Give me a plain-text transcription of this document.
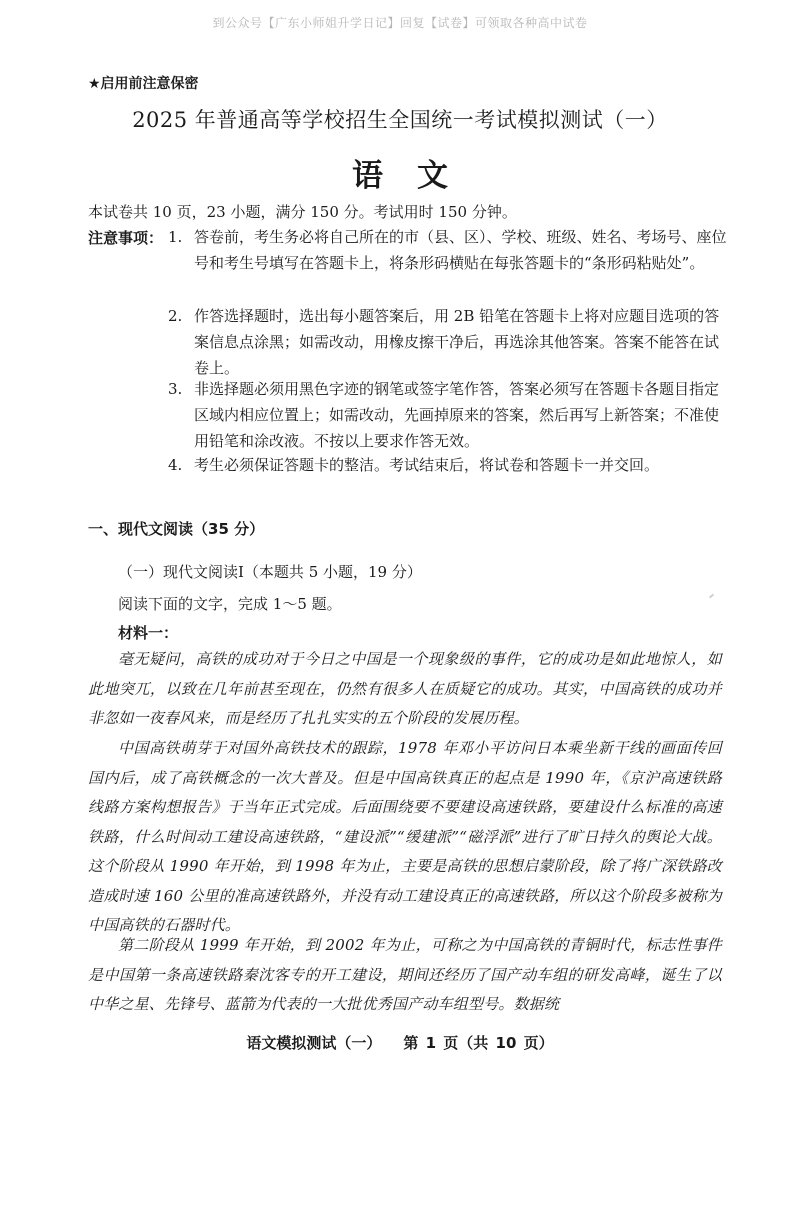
到公众号【广东小师姐升学日记】回复【试卷】可领取各种高中试卷
★启用前注意保密
2025 年普通高等学校招生全国统一考试模拟测试（一）
语文
本试卷共 10 页，23 小题，满分 150 分。考试用时 150 分钟。
注意事项： 1. 答卷前，考生务必将自己所在的市（县、区）、学校、班级、姓名、考场号、座位号和考生号填写在答题卡上，将条形码横贴在每张答题卡的“条形码粘贴处”。
2. 作答选择题时，选出每小题答案后，用 2B 铅笔在答题卡上将对应题目选项的答案信息点涂黑；如需改动，用橡皮擦干净后，再选涂其他答案。答案不能答在试卷上。
3. 非选择题必须用黑色字迹的钢笔或签字笔作答，答案必须写在答题卡各题目指定区域内相应位置上；如需改动，先画掉原来的答案，然后再写上新答案；不准使用铅笔和涂改液。不按以上要求作答无效。
4. 考生必须保证答题卡的整洁。考试结束后，将试卷和答题卡一并交回。
一、现代文阅读（35 分）
（一）现代文阅读Ⅰ（本题共 5 小题，19 分）
阅读下面的文字，完成 1～5 题。
材料一：
毫无疑问，高铁的成功对于今日之中国是一个现象级的事件，它的成功是如此地惊人，如此地突兀，以致在几年前甚至现在，仍然有很多人在质疑它的成功。其实，中国高铁的成功并非忽如一夜春风来，而是经历了扎扎实实的五个阶段的发展历程。
中国高铁萌芽于对国外高铁技术的跟踪，1978 年邓小平访问日本乘坐新干线的画面传回国内后，成了高铁概念的一次大普及。但是中国高铁真正的起点是 1990 年，《京沪高速铁路线路方案构想报告》于当年正式完成。后面围绕要不要建设高速铁路，要建设什么标准的高速铁路，什么时间动工建设高速铁路，“建设派”“缓建派”“磁浮派”进行了旷日持久的舆论大战。这个阶段从 1990 年开始，到 1998 年为止，主要是高铁的思想启蒙阶段，除了将广深铁路改造成时速 160 公里的准高速铁路外，并没有动工建设真正的高速铁路，所以这个阶段多被称为中国高铁的石器时代。
第二阶段从 1999 年开始，到 2002 年为止，可称之为中国高铁的青铜时代，标志性事件是中国第一条高速铁路秦沈客专的开工建设，期间还经历了国产动车组的研发高峰，诞生了以中华之星、先锋号、蓝箭为代表的一大批优秀国产动车组型号。数据统
语文模拟测试（一） 第 1 页（共 10 页）
